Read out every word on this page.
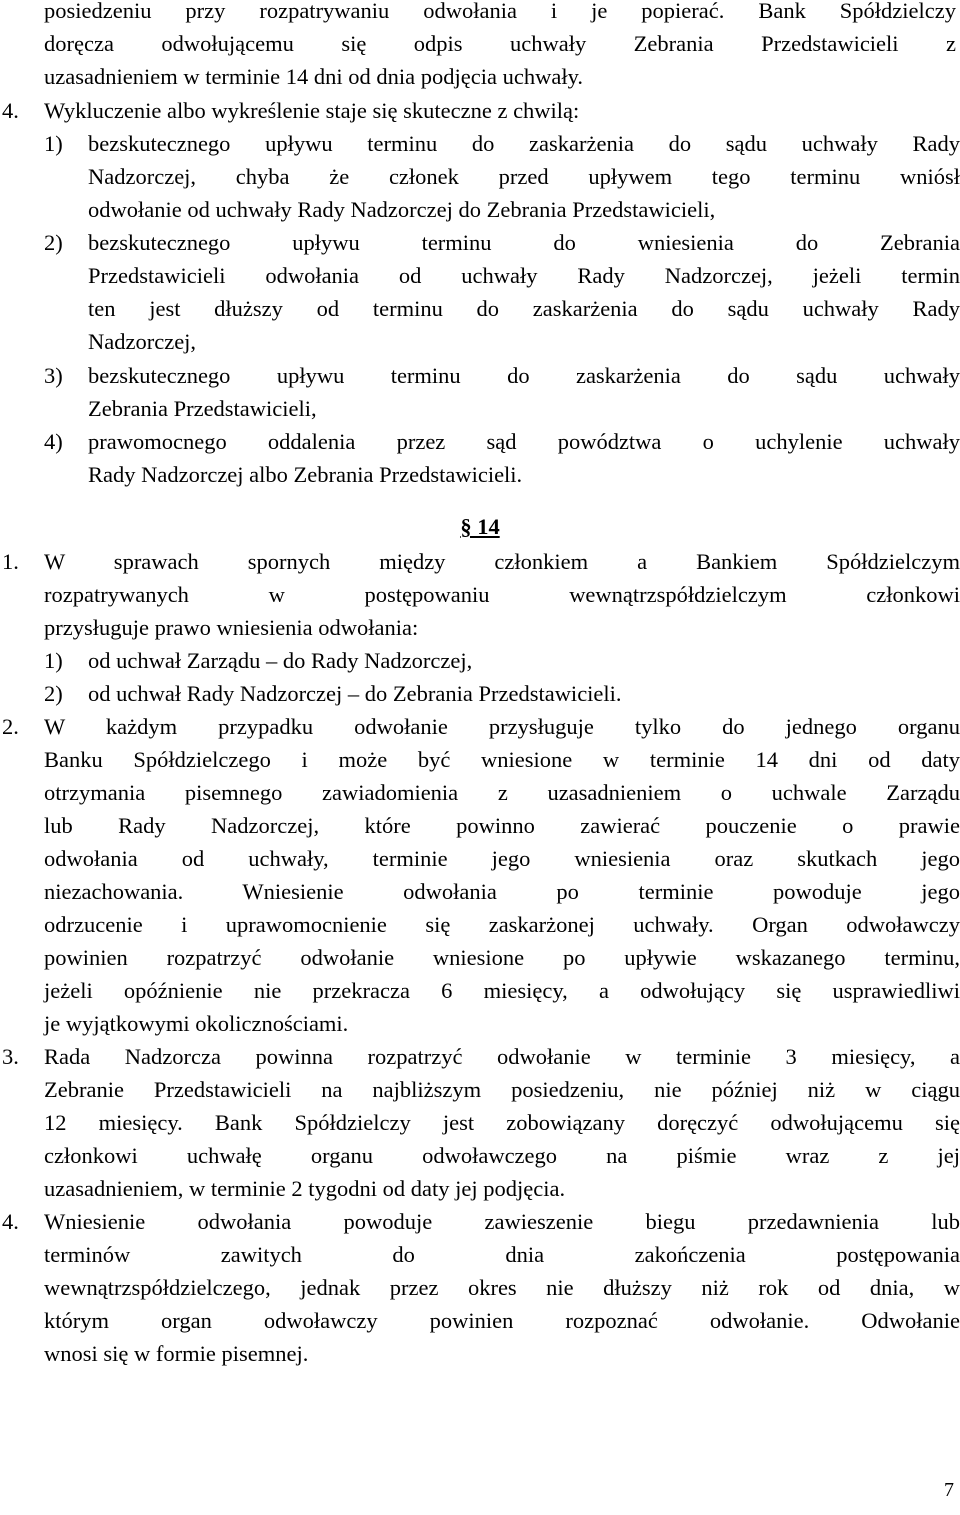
posiedzeniu przy rozpatrywaniu odwołania i je popierać. Bank Spółdzielczy
doręcza odwołującemu się odpis uchwały Zebrania Przedstawicieli z
uzasadnieniem w terminie 14 dni od dnia podjęcia uchwały.
4. Wykluczenie albo wykreślenie staje się skuteczne z chwilą:
1) bezskutecznego upływu terminu do zaskarżenia do sądu uchwały Rady
Nadzorczej, chyba że członek przed upływem tego terminu wniósł
odwołanie od uchwały Rady Nadzorczej do Zebrania Przedstawicieli,
2) bezskutecznego upływu terminu do wniesienia do Zebrania
Przedstawicieli odwołania od uchwały Rady Nadzorczej, jeżeli termin
ten jest dłuższy od terminu do zaskarżenia do sądu uchwały Rady
Nadzorczej,
3) bezskutecznego upływu terminu do zaskarżenia do sądu uchwały
Zebrania Przedstawicieli,
4) prawomocnego oddalenia przez sąd powództwa o uchylenie uchwały
Rady Nadzorczej albo Zebrania Przedstawicieli.
§ 14
1. W sprawach spornych między członkiem a Bankiem Spółdzielczym
rozpatrywanych w postępowaniu wewnątrzspółdzielczym członkowi
przysługuje prawo wniesienia odwołania:
1) od uchwał Zarządu – do Rady Nadzorczej,
2) od uchwał Rady Nadzorczej – do Zebrania Przedstawicieli.
2. W każdym przypadku odwołanie przysługuje tylko do jednego organu
Banku Spółdzielczego i może być wniesione w terminie 14 dni od daty
otrzymania pisemnego zawiadomienia z uzasadnieniem o uchwale Zarządu
lub Rady Nadzorczej, które powinno zawierać pouczenie o prawie
odwołania od uchwały, terminie jego wniesienia oraz skutkach jego
niezachowania. Wniesienie odwołania po terminie powoduje jego
odrzucenie i uprawomocnienie się zaskarżonej uchwały. Organ odwoławczy
powinien rozpatrzyć odwołanie wniesione po upływie wskazanego terminu,
jeżeli opóźnienie nie przekracza 6 miesięcy, a odwołujący się usprawiedliwi
je wyjątkowymi okolicznościami.
3. Rada Nadzorcza powinna rozpatrzyć odwołanie w terminie 3 miesięcy, a
Zebranie Przedstawicieli na najbliższym posiedzeniu, nie później niż w ciągu
12 miesięcy. Bank Spółdzielczy jest zobowiązany doręczyć odwołującemu się
członkowi uchwałę organu odwoławczego na piśmie wraz z jej
uzasadnieniem, w terminie 2 tygodni od daty jej podjęcia.
4. Wniesienie odwołania powoduje zawieszenie biegu przedawnienia lub
terminów zawitych do dnia zakończenia postępowania
wewnątrzspółdzielczego, jednak przez okres nie dłuższy niż rok od dnia, w
którym organ odwoławczy powinien rozpoznać odwołanie. Odwołanie
wnosi się w formie pisemnej.
7
